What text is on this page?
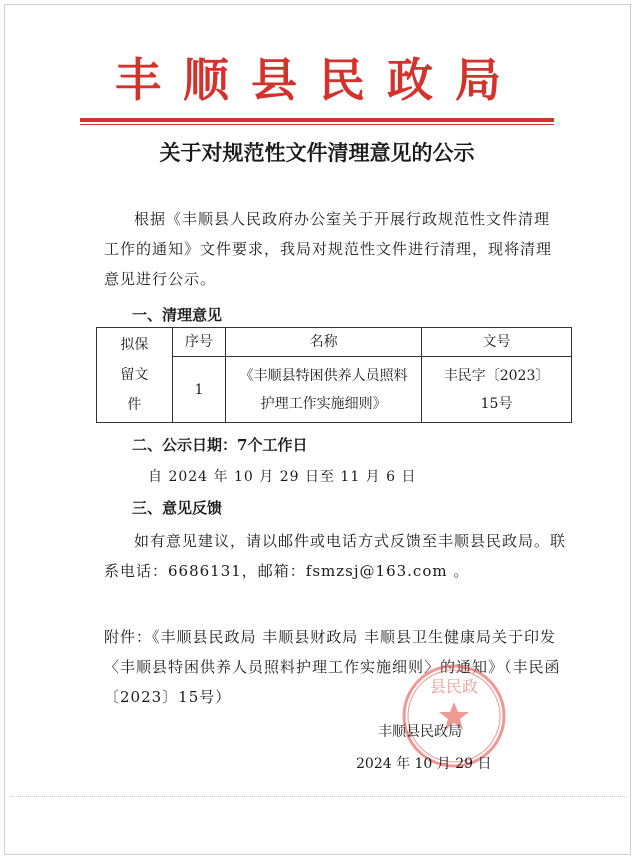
丰顺县民政局
关于对规范性文件清理意见的公示
根据《丰顺县人民政府办公室关于开展行政规范性文件清理工作的通知》文件要求，我局对规范性文件进行清理，现将清理意见进行公示。
一、清理意见
拟保留文件	序号	名称	文号
	1	《丰顺县特困供养人员照料护理工作实施细则》	丰民字〔2023〕15号
二、公示日期：7个工作日
自 2024 年 10 月 29 日至 11 月 6 日
三、意见反馈
如有意见建议，请以邮件或电话方式反馈至丰顺县民政局。联系电话：6686131，邮箱：fsmzsj@163.com 。
附件：《丰顺县民政局 丰顺县财政局 丰顺县卫生健康局关于印发〈丰顺县特困供养人员照料护理工作实施细则〉的通知》（丰民函〔2023〕15号）
县民政
丰顺县民政局
2024 年 10 月 29 日
